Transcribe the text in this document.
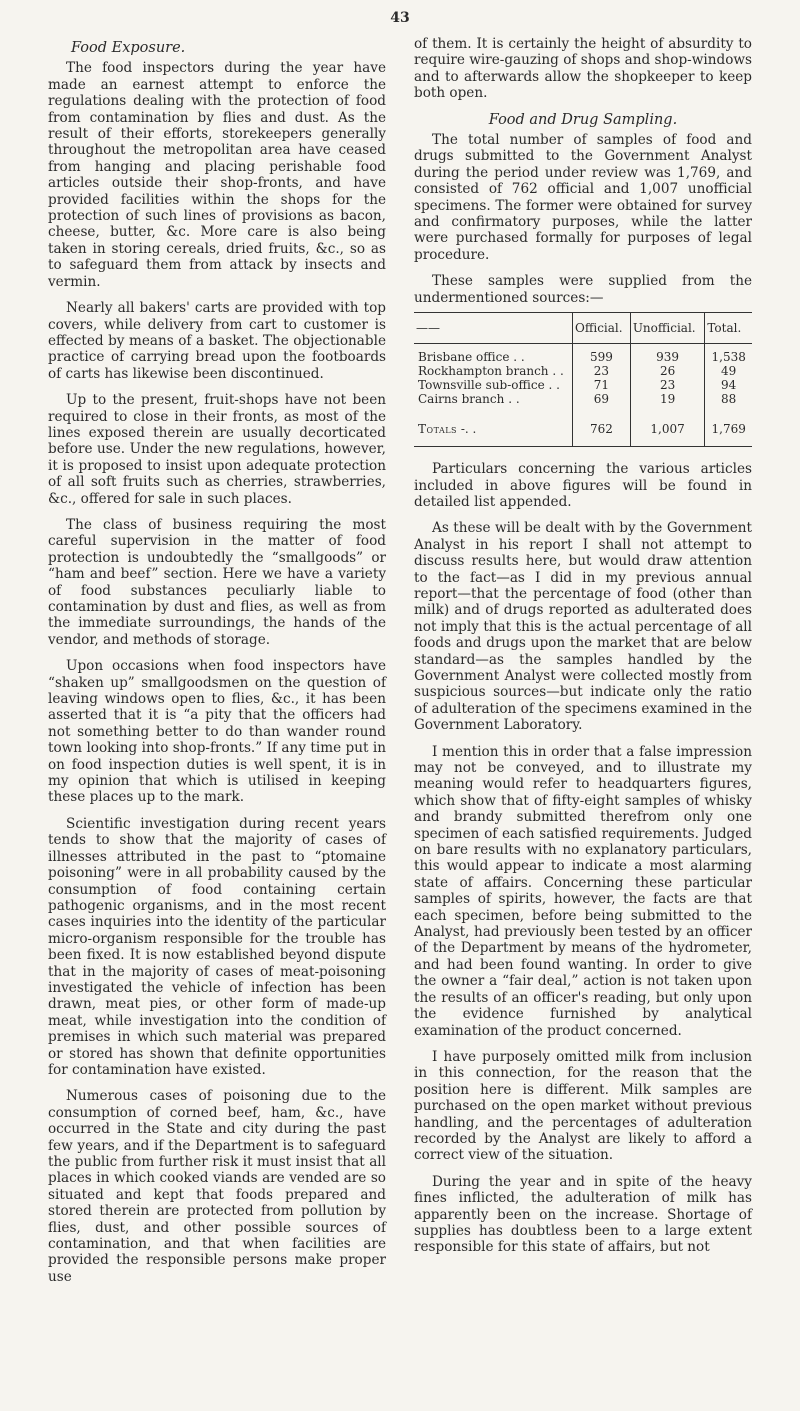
43
Food Exposure.

The food inspectors during the year have made an earnest attempt to enforce the regulations dealing with the protection of food from contamination by flies and dust. As the result of their efforts, storekeepers generally throughout the metropolitan area have ceased from hanging and placing perishable food articles outside their shop-fronts, and have provided facilities within the shops for the protection of such lines of provisions as bacon, cheese, butter, &c. More care is also being taken in storing cereals, dried fruits, &c., so as to safeguard them from attack by insects and vermin.

Nearly all bakers' carts are provided with top covers, while delivery from cart to customer is effected by means of a basket. The objectionable practice of carrying bread upon the footboards of carts has likewise been discontinued.

Up to the present, fruit-shops have not been required to close in their fronts, as most of the lines exposed therein are usually decorticated before use. Under the new regulations, however, it is proposed to insist upon adequate protection of all soft fruits such as cherries, strawberries, &c., offered for sale in such places.

The class of business requiring the most careful supervision in the matter of food protection is undoubtedly the “smallgoods” or “ham and beef” section. Here we have a variety of food substances peculiarly liable to contamination by dust and flies, as well as from the immediate surroundings, the hands of the vendor, and methods of storage.

Upon occasions when food inspectors have “shaken up” smallgoodsmen on the question of leaving windows open to flies, &c., it has been asserted that it is “a pity that the officers had not something better to do than wander round town looking into shop-fronts.” If any time put in on food inspection duties is well spent, it is in my opinion that which is utilised in keeping these places up to the mark.

Scientific investigation during recent years tends to show that the majority of cases of illnesses attributed in the past to “ptomaine poisoning” were in all probability caused by the consumption of food containing certain pathogenic organisms, and in the most recent cases inquiries into the identity of the particular micro-organism responsible for the trouble has been fixed. It is now established beyond dispute that in the majority of cases of meat-poisoning investigated the vehicle of infection has been drawn, meat pies, or other form of made-up meat, while investigation into the condition of premises in which such material was prepared or stored has shown that definite opportunities for contamination have existed.

Numerous cases of poisoning due to the consumption of corned beef, ham, &c., have occurred in the State and city during the past few years, and if the Department is to safeguard the public from further risk it must insist that all places in which cooked viands are vended are so situated and kept that foods prepared and stored therein are protected from pollution by flies, dust, and other possible sources of contamination, and that when facilities are provided the responsible persons make proper use

of them. It is certainly the height of absurdity to require wire-gauzing of shops and shop-windows and to afterwards allow the shopkeeper to keep both open.

Food and Drug Sampling.

The total number of samples of food and drugs submitted to the Government Analyst during the period under review was 1,769, and consisted of 762 official and 1,007 unofficial specimens. The former were obtained for survey and confirmatory purposes, while the latter were purchased formally for purposes of legal procedure.

These samples were supplied from the undermentioned sources:—

——	Official.	Unofficial.	Total.
Brisbane office . .	599	939	1,538
Rockhampton branch . .	23	26	49
Townsville sub-office . .	71	23	94
Cairns branch . .	69	19	88
Totals -. .	762	1,007	1,769

Particulars concerning the various articles included in above figures will be found in detailed list appended.

As these will be dealt with by the Government Analyst in his report I shall not attempt to discuss results here, but would draw attention to the fact—as I did in my previous annual report—that the percentage of food (other than milk) and of drugs reported as adulterated does not imply that this is the actual percentage of all foods and drugs upon the market that are below standard—as the samples handled by the Government Analyst were collected mostly from suspicious sources—but indicate only the ratio of adulteration of the specimens examined in the Government Laboratory.

I mention this in order that a false impression may not be conveyed, and to illustrate my meaning would refer to headquarters figures, which show that of fifty-eight samples of whisky and brandy submitted therefrom only one specimen of each satisfied requirements. Judged on bare results with no explanatory particulars, this would appear to indicate a most alarming state of affairs. Concerning these particular samples of spirits, however, the facts are that each specimen, before being submitted to the Analyst, had previously been tested by an officer of the Department by means of the hydrometer, and had been found wanting. In order to give the owner a “fair deal,” action is not taken upon the results of an officer's reading, but only upon the evidence furnished by analytical examination of the product concerned.

I have purposely omitted milk from inclusion in this connection, for the reason that the position here is different. Milk samples are purchased on the open market without previous handling, and the percentages of adulteration recorded by the Analyst are likely to afford a correct view of the situation.

During the year and in spite of the heavy fines inflicted, the adulteration of milk has apparently been on the increase. Shortage of supplies has doubtless been to a large extent responsible for this state of affairs, but not
